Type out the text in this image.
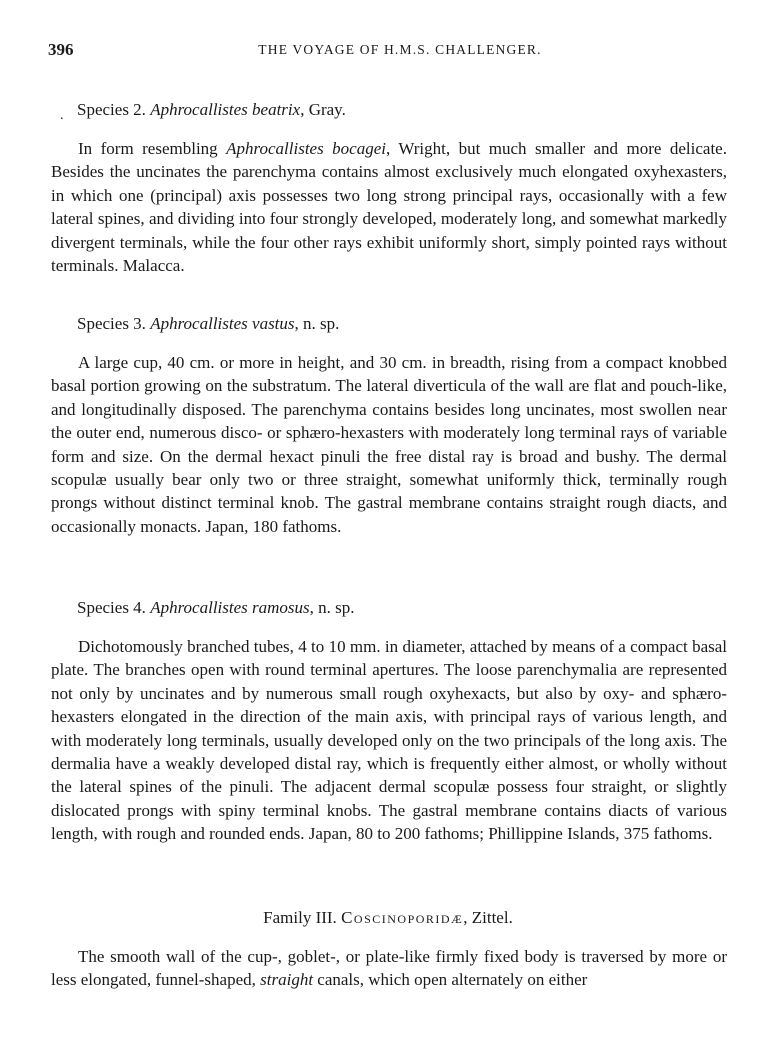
396	THE VOYAGE OF H.M.S. CHALLENGER.
. Species 2. Aphrocallistes beatrix, Gray.

In form resembling Aphrocallistes bocagei, Wright, but much smaller and more delicate. Besides the uncinates the parenchyma contains almost exclusively much elongated oxyhexasters, in which one (principal) axis possesses two long strong principal rays, occasionally with a few lateral spines, and dividing into four strongly developed, moderately long, and somewhat markedly divergent terminals, while the four other rays exhibit uniformly short, simply pointed rays without terminals. Malacca.

Species 3. Aphrocallistes vastus, n. sp.

A large cup, 40 cm. or more in height, and 30 cm. in breadth, rising from a compact knobbed basal portion growing on the substratum. The lateral diverticula of the wall are flat and pouch-like, and longitudinally disposed. The parenchyma contains besides long uncinates, most swollen near the outer end, numerous disco- or sphæro-hexasters with moderately long terminal rays of variable form and size. On the dermal hexact pinuli the free distal ray is broad and bushy. The dermal scopulæ usually bear only two or three straight, somewhat uniformly thick, terminally rough prongs without distinct terminal knob. The gastral membrane contains straight rough diacts, and occasionally monacts. Japan, 180 fathoms.

Species 4. Aphrocallistes ramosus, n. sp.

Dichotomously branched tubes, 4 to 10 mm. in diameter, attached by means of a compact basal plate. The branches open with round terminal apertures. The loose parenchymalia are represented not only by uncinates and by numerous small rough oxyhexacts, but also by oxy- and sphæro-hexasters elongated in the direction of the main axis, with principal rays of various length, and with moderately long terminals, usually developed only on the two principals of the long axis. The dermalia have a weakly developed distal ray, which is frequently either almost, or wholly without the lateral spines of the pinuli. The adjacent dermal scopulæ possess four straight, or slightly dislocated prongs with spiny terminal knobs. The gastral membrane contains diacts of various length, with rough and rounded ends. Japan, 80 to 200 fathoms; Phillippine Islands, 375 fathoms.

Family III. Coscinoporidæ, Zittel.

The smooth wall of the cup-, goblet-, or plate-like firmly fixed body is traversed by more or less elongated, funnel-shaped, straight canals, which open alternately on either
